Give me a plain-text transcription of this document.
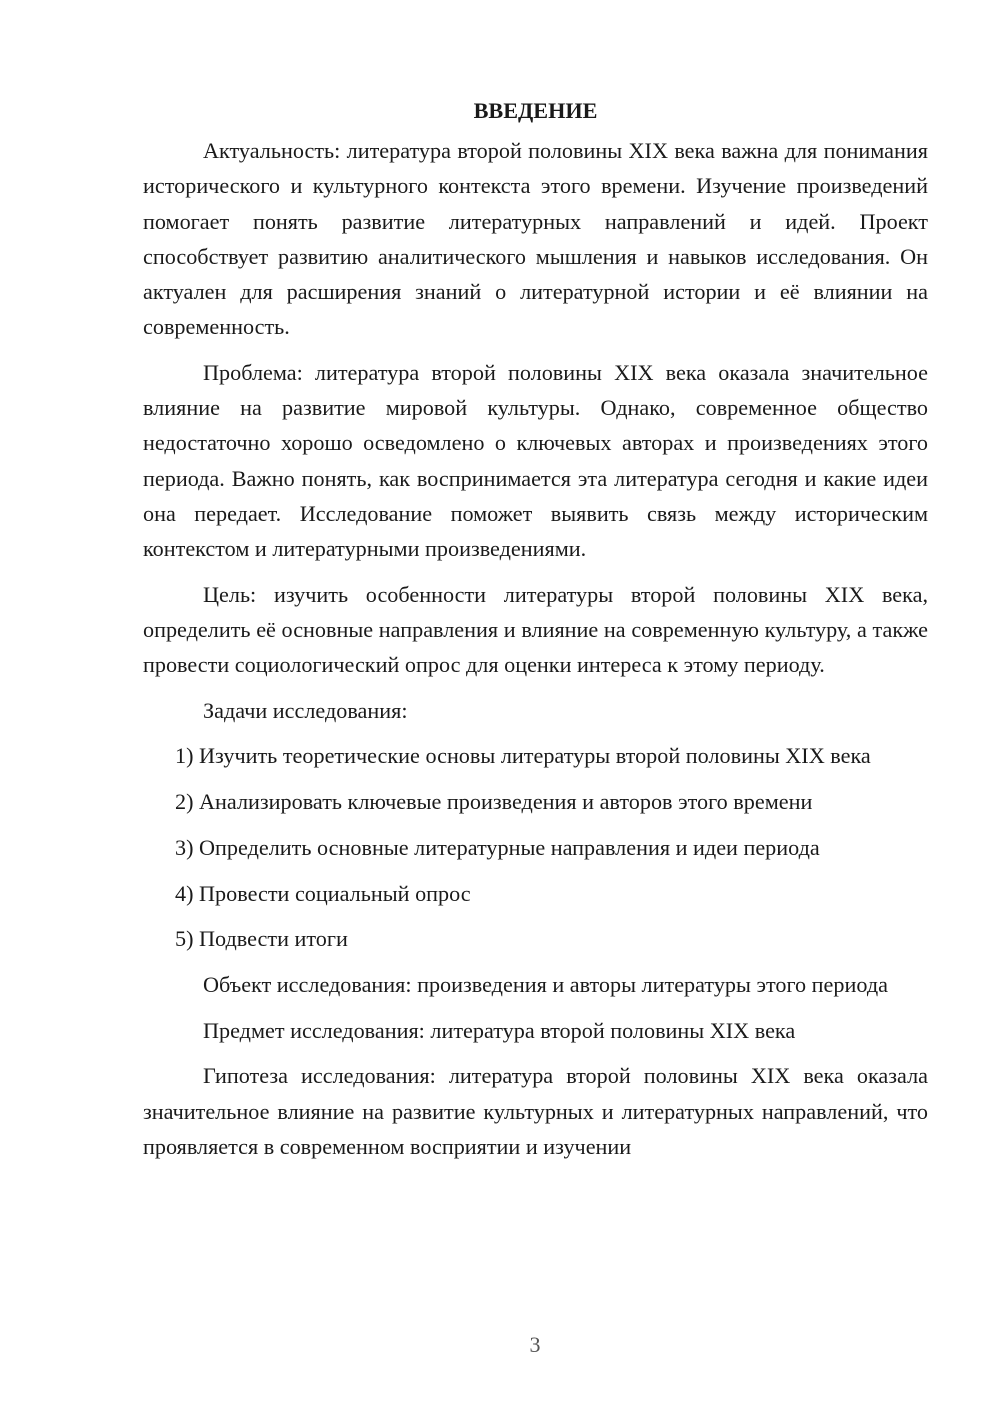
ВВЕДЕНИЕ

Актуальность: литература второй половины XIX века важна для понимания исторического и культурного контекста этого времени. Изучение произведений помогает понять развитие литературных направлений и идей. Проект способствует развитию аналитического мышления и навыков исследования. Он актуален для расширения знаний о литературной истории и её влиянии на современность.

Проблема: литература второй половины XIX века оказала значительное влияние на развитие мировой культуры. Однако, современное общество недостаточно хорошо осведомлено о ключевых авторах и произведениях этого периода. Важно понять, как воспринимается эта литература сегодня и какие идеи она передает. Исследование поможет выявить связь между историческим контекстом и литературными произведениями.

Цель: изучить особенности литературы второй половины XIX века, определить её основные направления и влияние на современную культуру, а также провести социологический опрос для оценки интереса к этому периоду.

Задачи исследования:

1) Изучить теоретические основы литературы второй половины XIX века

2) Анализировать ключевые произведения и авторов этого времени

3) Определить основные литературные направления и идеи периода

4) Провести социальный опрос

5) Подвести итоги

Объект исследования: произведения и авторы литературы этого периода

Предмет исследования: литература второй половины XIX века

Гипотеза исследования: литература второй половины XIX века оказала значительное влияние на развитие культурных и литературных направлений, что проявляется в современном восприятии и изучении

3
